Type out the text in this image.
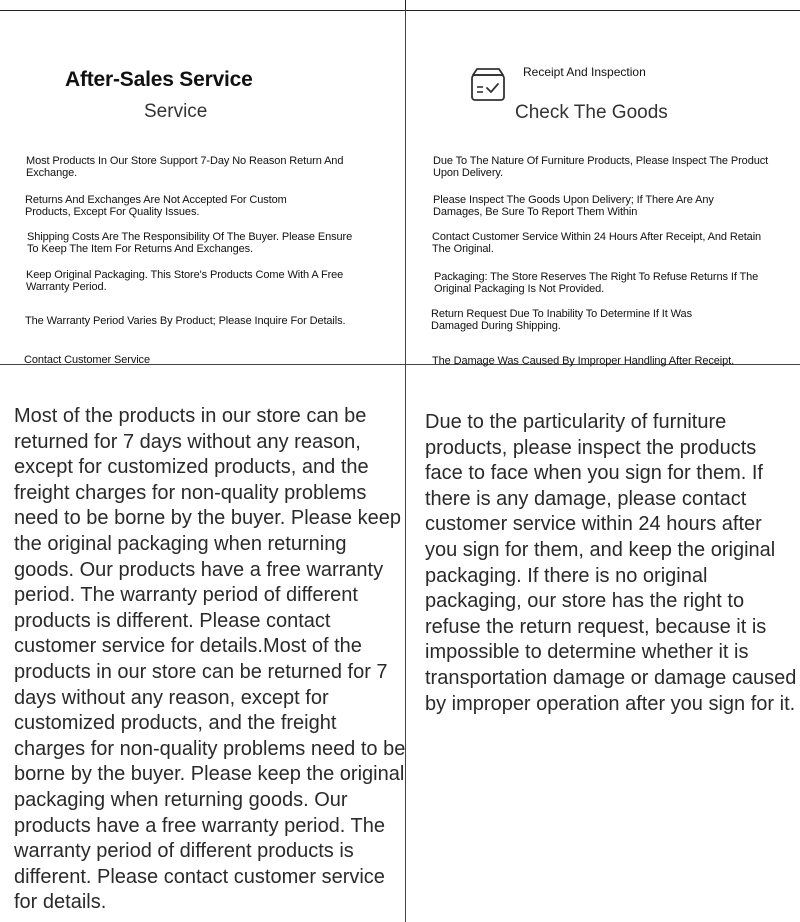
After-Sales Service
Service
Most Products In Our Store Support 7-Day No Reason Return And Exchange.
Returns And Exchanges Are Not Accepted For Custom Products, Except For Quality Issues.
Shipping Costs Are The Responsibility Of The Buyer. Please Ensure To Keep The Item For Returns And Exchanges.
Keep Original Packaging. This Store's Products Come With A Free Warranty Period.
The Warranty Period Varies By Product; Please Inquire For Details.
Contact Customer Service
Receipt And Inspection
Check The Goods
Due To The Nature Of Furniture Products, Please Inspect The Product Upon Delivery.
Please Inspect The Goods Upon Delivery; If There Are Any Damages, Be Sure To Report Them Within
Contact Customer Service Within 24 Hours After Receipt, And Retain The Original.
Packaging: The Store Reserves The Right To Refuse Returns If The Original Packaging Is Not Provided.
Return Request Due To Inability To Determine If It Was Damaged During Shipping.
The Damage Was Caused By Improper Handling After Receipt.
Most of the products in our store can be returned for 7 days without any reason, except for customized products, and the freight charges for non-quality problems need to be borne by the buyer. Please keep the original packaging when returning goods. Our products have a free warranty period. The warranty period of different products is different. Please contact customer service for details.Most of the products in our store can be returned for 7 days without any reason, except for customized products, and the freight charges for non-quality problems need to be borne by the buyer. Please keep the original packaging when returning goods. Our products have a free warranty period. The warranty period of different products is different. Please contact customer service for details.
Due to the particularity of furniture products, please inspect the products face to face when you sign for them. If there is any damage, please contact customer service within 24 hours after you sign for them, and keep the original packaging. If there is no original packaging, our store has the right to refuse the return request, because it is impossible to determine whether it is transportation damage or damage caused by improper operation after you sign for it.
